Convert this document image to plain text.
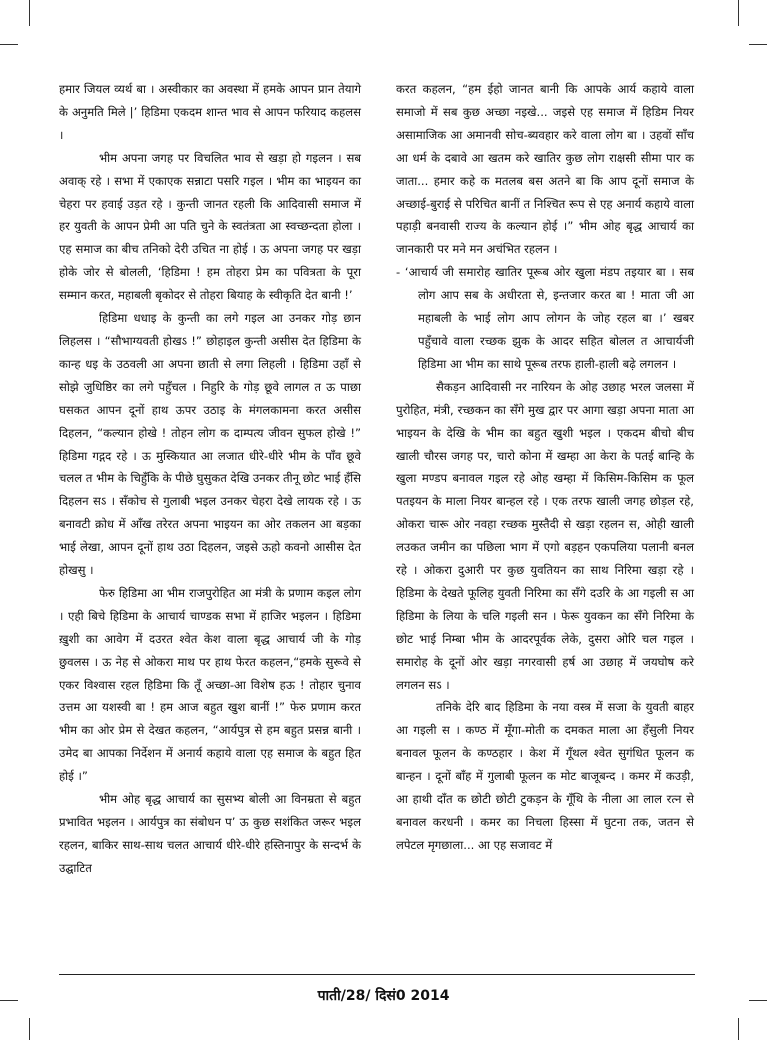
हमार जियल व्यर्थ बा । अस्वीकार का अवस्था में हमके आपन प्रान तेयागे के अनुमति मिले |’ हिडिमा एकदम शान्त भाव से आपन फरियाद कहलस ।

भीम अपना जगह पर विचलित भाव से खड़ा हो गइलन । सब अवाक् रहे । सभा में एकाएक सन्नाटा पसरि गइल । भीम का भाइयन का चेहरा पर हवाई उड़त रहे । कुन्ती जानत रहली कि आदिवासी समाज में हर युवती के आपन प्रेमी आ पति चुने के स्वतंत्रता आ स्वच्छन्दता होला । एह समाज का बीच तनिको देरी उचित ना होई । ऊ अपना जगह पर खड़ा होके जोर से बोलली, ‘हिडिमा ! हम तोहरा प्रेम का पवित्रता के पूरा सम्मान करत, महाबली बृकोदर से तोहरा बियाह के स्वीकृति देत बानी !’

हिडिमा धधाइ के कुन्ती का लगे गइल आ उनकर गोड़ छान लिहलस । “सौभाग्यवती होखऽ !” छोहाइल कुन्ती असीस देत हिडिमा के कान्ह धइ के उठवली आ अपना छाती से लगा लिहली । हिडिमा उहाँ से सोझे जुधिष्ठिर का लगे पहुँचल । निहुरि के गोड़ छूवे लागल त ऊ पाछा घसकत आपन दूनों हाथ ऊपर उठाइ के मंगलकामना करत असीस दिहलन, “कल्यान होखे ! तोहन लोग क दाम्पत्य जीवन सुफल होखे !” हिडिमा गद्गद रहे । ऊ मुस्कियात आ लजात धीरे-धीरे भीम के पाँव छूवे चलल त भीम के चिहुँकि के पीछे घुसुकत देखि उनकर तीनू छोट भाई हँसि दिहलन सऽ । सँकोच से गुलाबी भइल उनकर चेहरा देखे लायक रहे । ऊ बनावटी क्रोध में आँख तरेरत अपना भाइयन का ओर तकलन आ बड़का भाई लेखा, आपन दूनों हाथ उठा दिहलन, जइसे ऊहो कवनो आसीस देत होखसु ।

फेरु हिडिमा आ भीम राजपुरोहित आ मंत्री के प्रणाम कइल लोग । एही बिचे हिडिमा के आचार्य चाण्डक सभा में हाजिर भइलन । हिडिमा ख़ुशी का आवेग में दउरत श्वेत केश वाला बृद्ध आचार्य जी के गोड़ छुवलस । ऊ नेह से ओकरा माथ पर हाथ फेरत कहलन,“हमके सुरूवे से एकर विश्वास रहल हिडिमा कि तूँ अच्छा-आ विशेष हऊ ! तोहार चुनाव उत्तम आ यशस्वी बा ! हम आज बहुत खुश बानीं !” फेरु प्रणाम करत भीम का ओर प्रेम से देखत कहलन, “आर्यपुत्र से हम बहुत प्रसन्न बानी । उमेद बा आपका निर्देशन में अनार्य कहाये वाला एह समाज के बहुत हित होई ।”

भीम ओह बृद्ध आचार्य का सुसभ्य बोली आ विनम्रता से बहुत प्रभावित भइलन । आर्यपुत्र का संबोधन प’ ऊ कुछ सशंकित जरूर भइल रहलन, बाकिर साथ-साथ चलत आचार्य धीरे-धीरे हस्तिनापुर के सन्दर्भ के उद्घाटित

करत कहलन, “हम ईहो जानत बानी कि आपके आर्य कहाये वाला समाजो में सब कुछ अच्छा नइखे... जइसे एह समाज में हिडिम नियर असामाजिक आ अमानवी सोच-ब्यवहार करे वाला लोग बा । उहवों साँच आ धर्म के दबावे आ खतम करे खातिर कुछ लोग राक्षसी सीमा पार क जाता... हमार कहे क मतलब बस अतने बा कि आप दूनों समाज के अच्छाई-बुराई से परिचित बानीं त निश्चित रूप से एह अनार्य कहाये वाला पहाड़ी बनवासी राज्य के कल्यान होई ।” भीम ओह बृद्ध आचार्य का जानकारी पर मने मन अचंभित रहलन ।

- ‘आचार्य जी समारोह खातिर पूरूब ओर खुला मंडप तइयार बा । सब लोग आप सब के अधीरता से, इन्तजार करत बा ! माता जी आ महाबली के भाई लोग आप लोगन के जोह रहल बा ।’ खबर पहुँचावे वाला रच्छक झुक के आदर सहित बोलल त आचार्यजी हिडिमा आ भीम का साथे पूरूब तरफ हाली-हाली बढ़े लगलन ।

सैकड़न आदिवासी नर नारियन के ओह उछाह भरल जलसा में पुरोहित, मंत्री, रच्छकन का सँगे मुख द्वार पर आगा खड़ा अपना माता आ भाइयन के देखि के भीम का बहुत खुशी भइल । एकदम बीचो बीच खाली चौरस जगह पर, चारो कोना में खम्हा आ केरा के पतई बान्हि के खुला मण्डप बनावल गइल रहे ओह खम्हा में किसिम-किसिम क फूल पतइयन के माला नियर बान्हल रहे । एक तरफ खाली जगह छोड़ल रहे, ओकरा चारू ओर नवहा रच्छक मुस्तैदी से खड़ा रहलन स, ओही खाली लउकत जमीन का पछिला भाग में एगो बड़हन एकपलिया पलानी बनल रहे । ओकरा दुआरी पर कुछ युवतियन का साथ निरिमा खड़ा रहे । हिडिमा के देखते फूलिह युवती निरिमा का सँगे दउरि के आ गइली स आ हिडिमा के लिया के चलि गइली सन । फेरू युवकन का सँगे निरिमा के छोट भाई निम्बा भीम के आदरपूर्वक लेके, दुसरा ओरि चल गइल । समारोह के दूनों ओर खड़ा नगरवासी हर्ष आ उछाह में जयघोष करे लगलन सऽ ।

तनिके देरि बाद हिडिमा के नया वस्त्र में सजा के युवती बाहर आ गइली स । कण्ठ में मूँगा-मोती क दमकत माला आ हँसुली नियर बनावल फूलन के कण्ठहार । केश में गूँथल श्वेत सुगंधित फूलन क बान्हन । दूनों बाँह में गुलाबी फूलन क मोट बाजूबन्द । कमर में कउड़ी, आ हाथी दाँत क छोटी छोटी टुकड़न के गूँथि के नीला आ लाल रत्न से बनावल करधनी । कमर का निचला हिस्सा में घुटना तक, जतन से लपेटल मृगछाला... आ एह सजावट में

पाती/28/ दिसं0 2014
